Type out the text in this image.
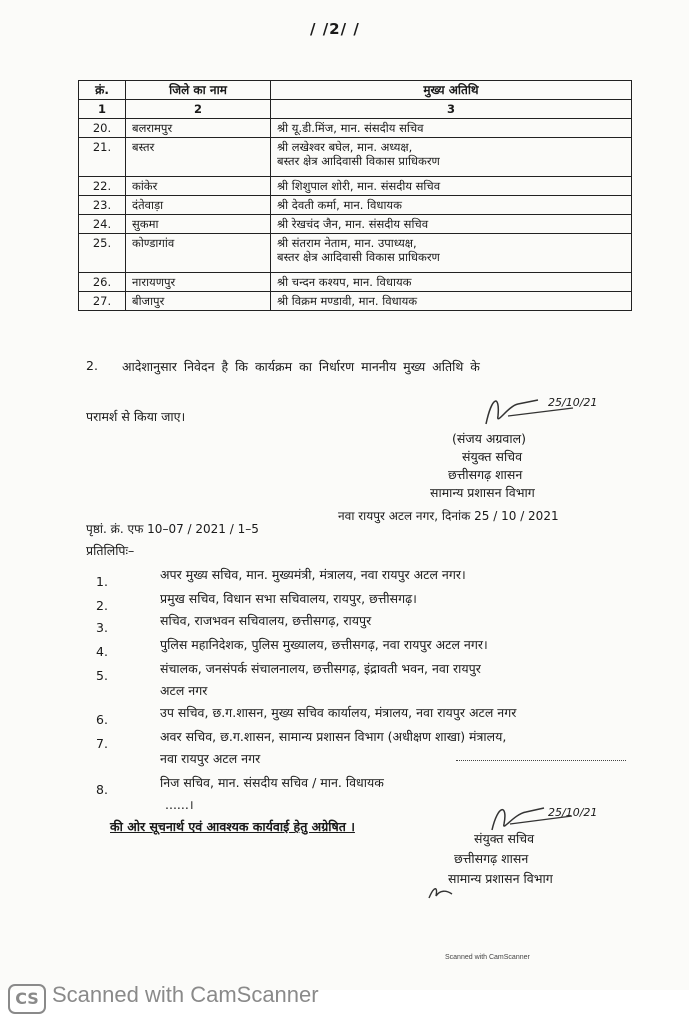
/ /2/ /
क्रं.	जिले का नाम	मुख्य अतिथि
1	2	3
20.	बलरामपुर	श्री यू.डी.मिंज, मान. संसदीय सचिव

21.	बस्तर	श्री लखेश्वर बघेल, मान. अध्यक्ष,
बस्तर क्षेत्र आदिवासी विकास प्राधिकरण

22.	कांकेर	श्री शिशुपाल शोरी, मान. संसदीय सचिव

23.	दंतेवाड़ा	श्री देवती कर्मा, मान. विधायक

24.	सुकमा	श्री रेखचंद जैन, मान. संसदीय सचिव

25.	कोण्डागांव	श्री संतराम नेताम, मान. उपाध्यक्ष,
बस्तर क्षेत्र आदिवासी विकास प्राधिकरण

26.	नारायणपुर	श्री चन्दन कश्यप, मान. विधायक

27.	बीजापुर	श्री विक्रम मण्डावी, मान. विधायक
2. आदेशानुसार निवेदन है कि कार्यक्रम का निर्धारण माननीय मुख्य अतिथि के
परामर्श से किया जाए।
25/10/21
(संजय अग्रवाल)
संयुक्त सचिव
छत्तीसगढ़ शासन
सामान्य प्रशासन विभाग
पृष्ठां. क्रं. एफ 10–07 / 2021 / 1–5
नवा रायपुर अटल नगर, दिनांक 25 / 10 / 2021
प्रतिलिपिः–
1.	अपर मुख्य सचिव, मान. मुख्यमंत्री, मंत्रालय, नवा रायपुर अटल नगर।
2.	प्रमुख सचिव, विधान सभा सचिवालय, रायपुर, छत्तीसगढ़।
3.	सचिव, राजभवन सचिवालय, छत्तीसगढ़, रायपुर
4.	पुलिस महानिदेशक, पुलिस मुख्यालय, छत्तीसगढ़, नवा रायपुर अटल नगर।
5.	संचालक, जनसंपर्क संचालनालय, छत्तीसगढ़, इंद्रावती भवन, नवा रायपुर
अटल नगर
6.	उप सचिव, छ.ग.शासन, मुख्य सचिव कार्यालय, मंत्रालय, नवा रायपुर अटल नगर
7.	अवर सचिव, छ.ग.शासन, सामान्य प्रशासन विभाग (अधीक्षण शाखा) मंत्रालय,
नवा रायपुर अटल नगर
8.	निज सचिव, मान. संसदीय सचिव / मान. विधायक
......।
की ओर सूचनार्थ एवं आवश्यक कार्यवाई हेतु अग्रेषित ।
25/10/21
संयुक्त सचिव
छत्तीसगढ़ शासन
सामान्य प्रशासन विभाग
Scanned with CamScanner
CS Scanned with CamScanner
